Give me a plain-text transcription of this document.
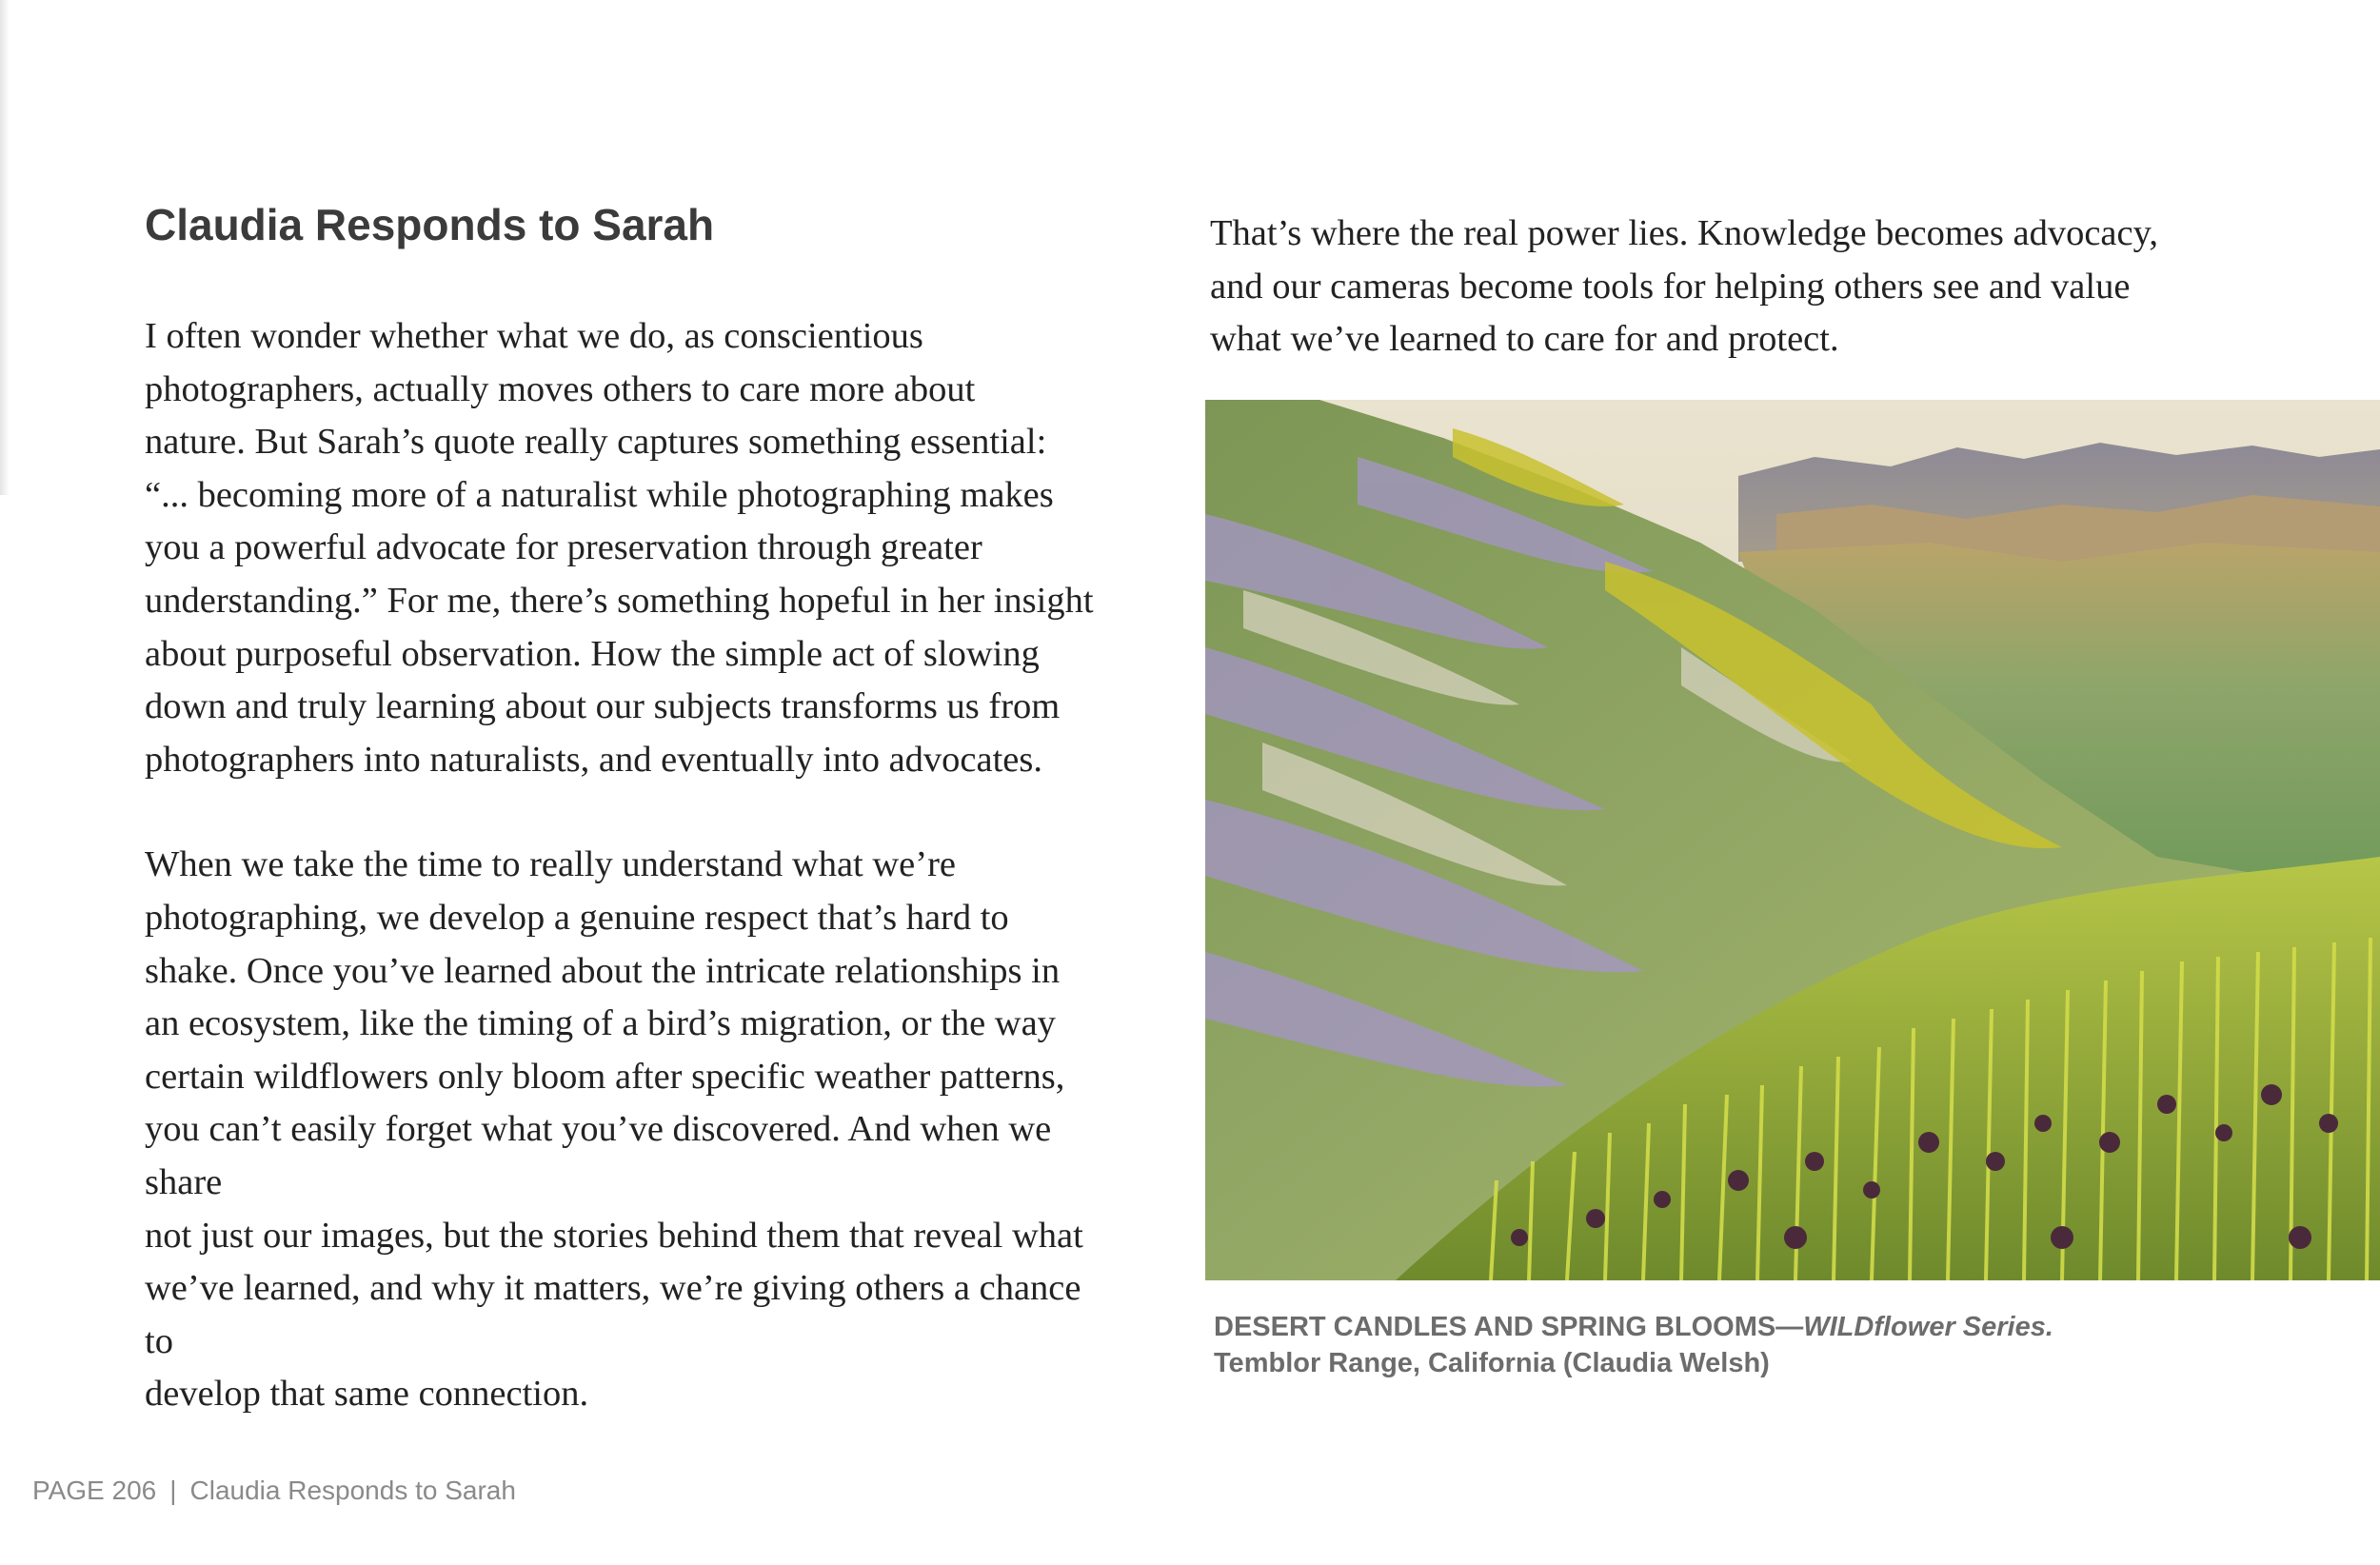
Claudia Responds to Sarah

I often wonder whether what we do, as conscientious
photographers, actually moves others to care more about
nature. But Sarah’s quote really captures something essential:
“... becoming more of a naturalist while photographing makes
you a powerful advocate for preservation through greater
understanding.” For me, there’s something hopeful in her insight
about purposeful observation. How the simple act of slowing
down and truly learning about our subjects transforms us from
photographers into naturalists, and eventually into advocates.

When we take the time to really understand what we’re
photographing, we develop a genuine respect that’s hard to
shake. Once you’ve learned about the intricate relationships in
an ecosystem, like the timing of a bird’s migration, or the way
certain wildflowers only bloom after specific weather patterns,
you can’t easily forget what you’ve discovered. And when we share
not just our images, but the stories behind them that reveal what
we’ve learned, and why it matters, we’re giving others a chance to
develop that same connection.

That’s where the real power lies. Knowledge becomes advocacy,
and our cameras become tools for helping others see and value
what we’ve learned to care for and protect.

DESERT CANDLES AND SPRING BLOOMS—WILDflower Series.
Temblor Range, California (Claudia Welsh)
PAGE 206 | Claudia Responds to Sarah
